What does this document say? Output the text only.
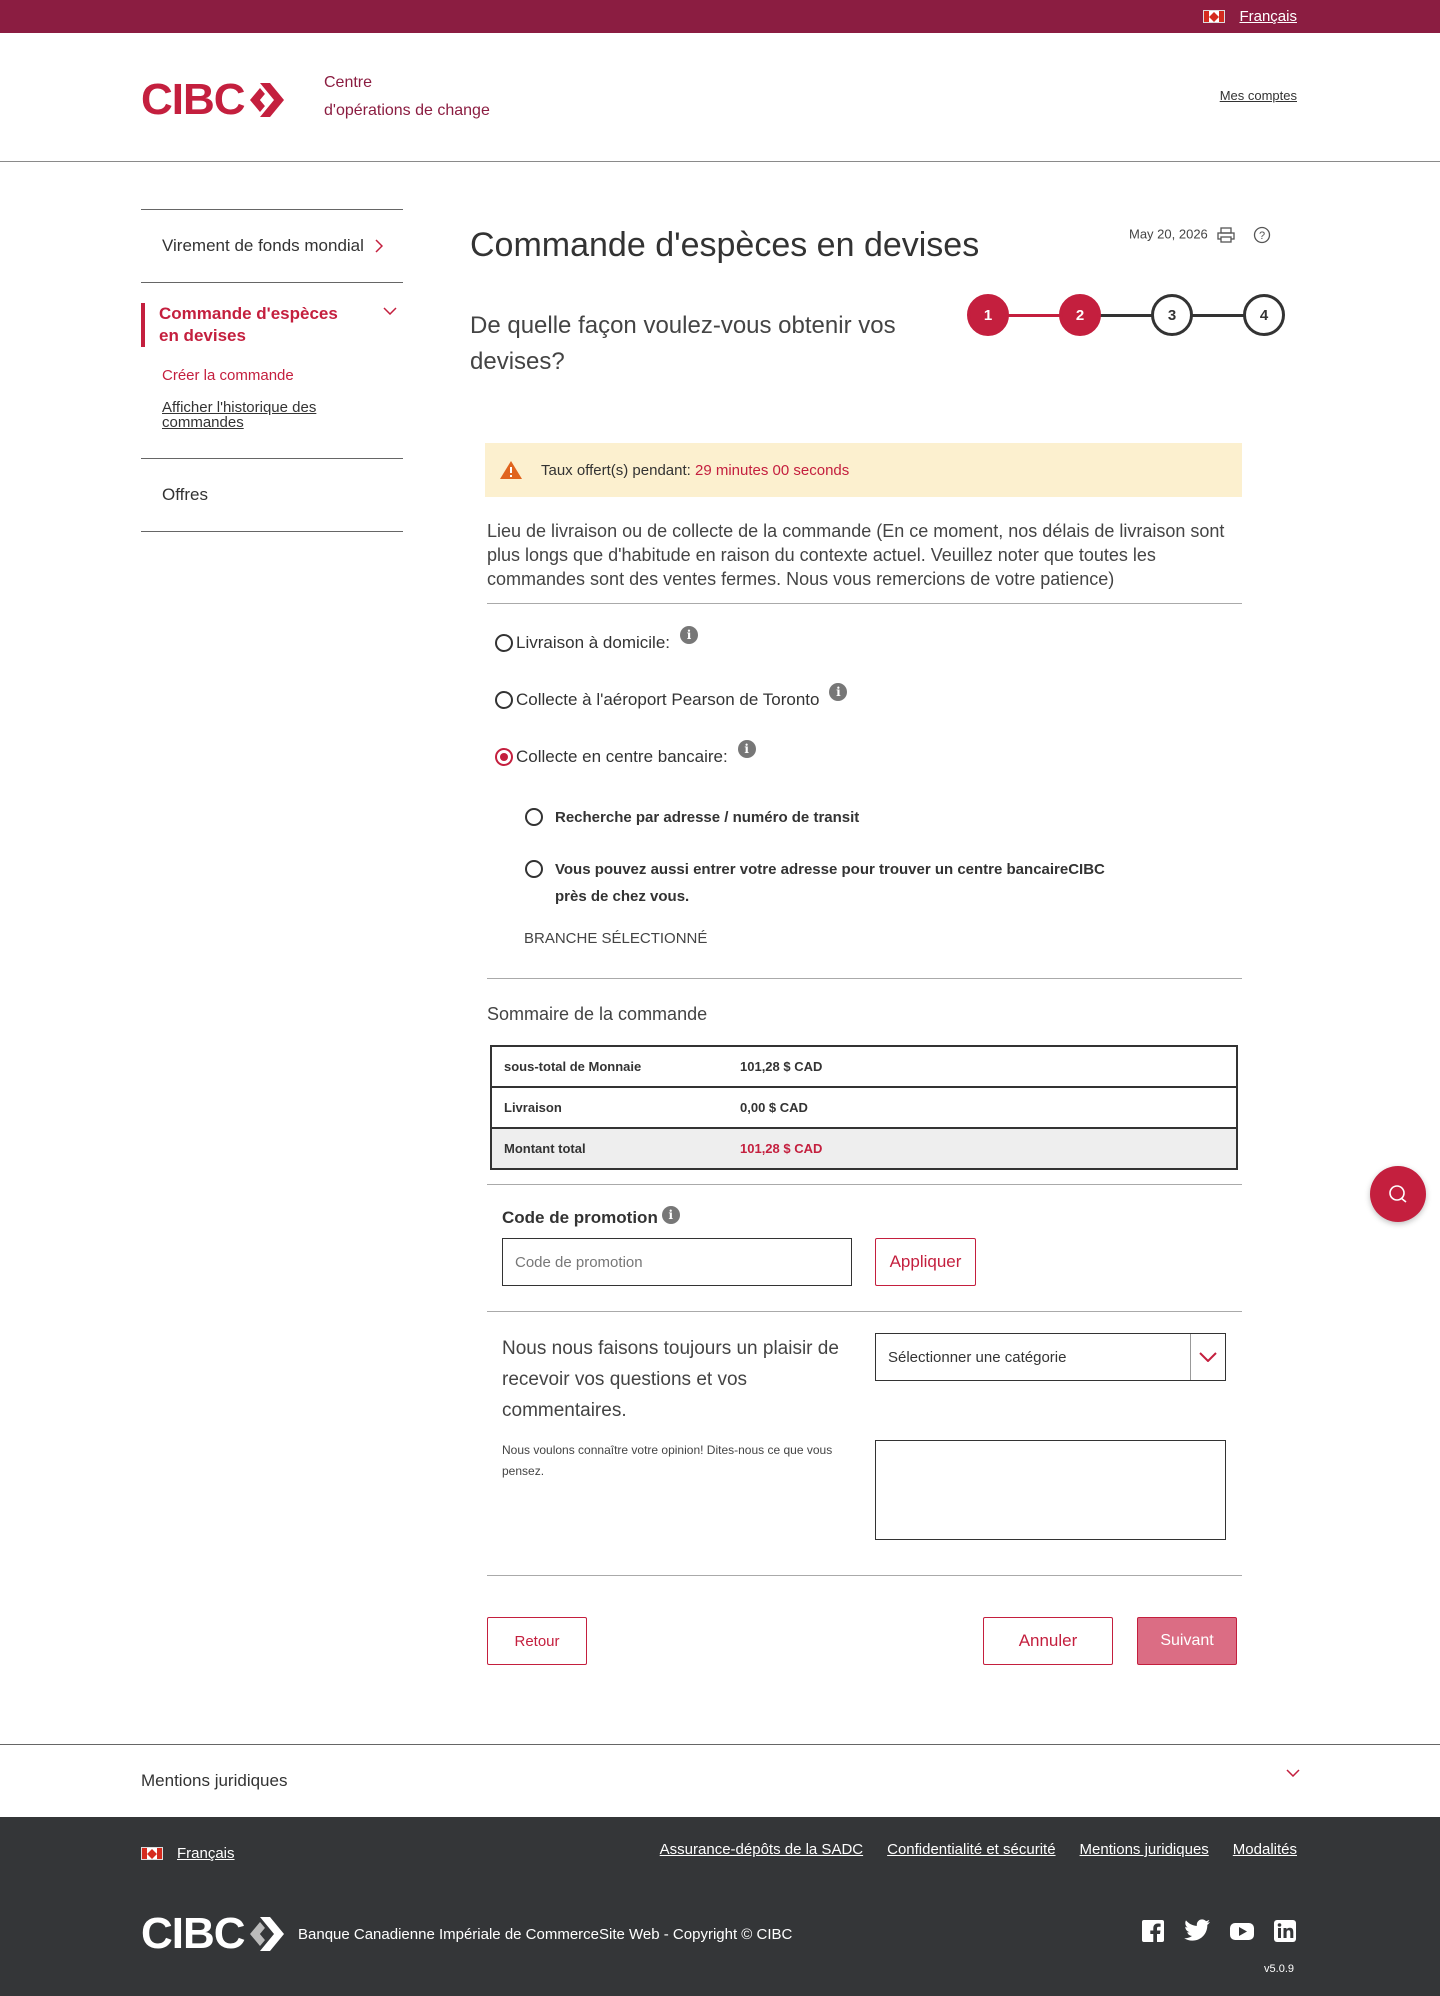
Français
CIBC	Centre
d'opérations de change
Mes comptes
Virement de fonds mondial
Commande d'espèces en devises
Créer la commande
Afficher l'historique des commandes
Offres
Commande d'espèces en devises	May 20, 2026	?
De quelle façon voulez-vous obtenir vos devises?
1	2	3	4
Taux offert(s) pendant:
29 minutes 00 seconds
Lieu de livraison ou de collecte de la commande (En ce moment, nos délais de livraison sont plus longs que d'habitude en raison du contexte actuel. Veuillez noter que toutes les commandes sont des ventes fermes. Nous vous remercions de votre patience)
Livraison à domicile:	i
Collecte à l'aéroport Pearson de Toronto	i
Collecte en centre bancaire:	i
Recherche par adresse / numéro de transit
Vous pouvez aussi entrer votre adresse pour trouver un centre bancaireCIBC près de chez vous.
BRANCHE SÉLECTIONNÉ
Sommaire de la commande
sous-total de Monnaie	101,28 $ CAD
Livraison	0,00 $ CAD
Montant total	101,28 $ CAD
Code de promotion i
Code de promotion	Appliquer
Nous nous faisons toujours un plaisir de recevoir vos questions et vos commentaires.
Nous voulons connaître votre opinion! Dites-nous ce que vous pensez.
Sélectionner une catégorie
Retour	Annuler	Suivant
Mentions juridiques
Français	Assurance-dépôts de la SADC Confidentialité et sécurité Mentions juridiques Modalités
CIBC	Banque Canadienne Impériale de CommerceSite Web - Copyright © CIBC
v5.0.9
